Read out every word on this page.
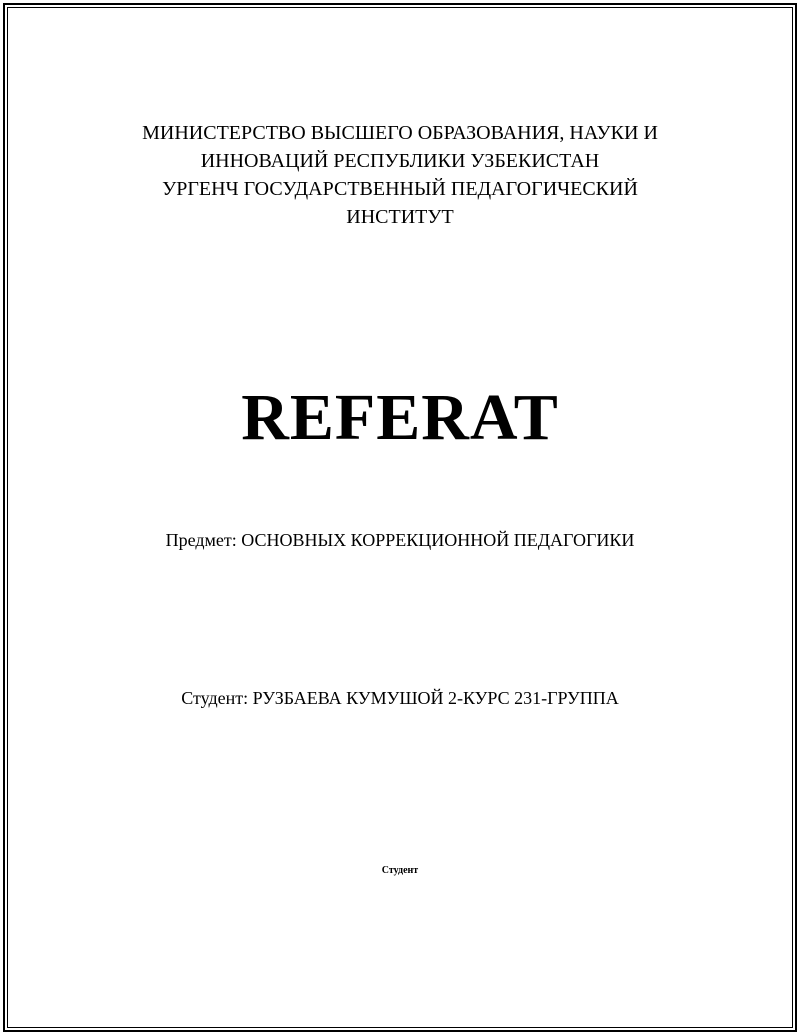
МИНИСТЕРСТВО ВЫСШЕГО ОБРАЗОВАНИЯ, НАУКИ И
ИННОВАЦИЙ РЕСПУБЛИКИ УЗБЕКИСТАН
УРГЕНЧ ГОСУДАРСТВЕННЫЙ ПЕДАГОГИЧЕСКИЙ
ИНСТИТУТ
REFERAT
Предмет: ОСНОВНЫХ КОРРЕКЦИОННОЙ ПЕДАГОГИКИ
Студент: РУЗБАЕВА КУМУШОЙ 2-КУРС 231-ГРУППА
Студент
